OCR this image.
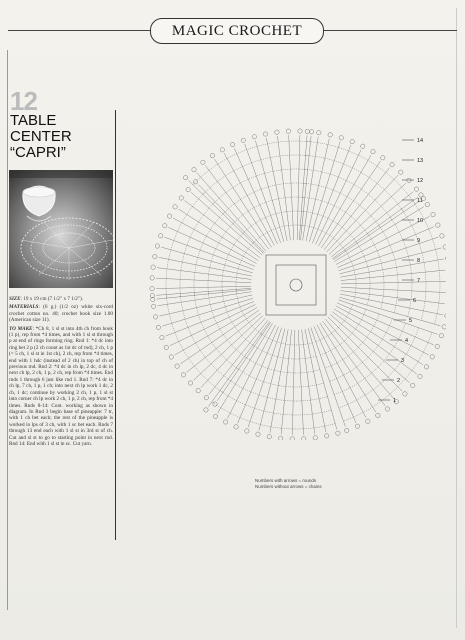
MAGIC CROCHET
12
TABLE
CENTER
“CAPRI”

SIZE: 19 x 19 cm (7 1/2" x 7 1/2").

MATERIALS: (6 g.) (1/2 oz) white six-cord crochet cotton no. 40; crochet hook size 1.00 (American size 11).

TO MAKE: *Ch 8, 1 sl st into 4th ch from hook (1 p), rep from *4 times, and with 1 sl st through p at end of rings forming ring. Rnd 1: *4 dc into ring bet 2 p (2 ch count as 1st dc of rnd), 2 ch, 1 p (= 5 ch, 1 sl st in 1st ch), 2 ch, rep from *4 times, end with 1 hdc (instead of 2 ch) in top of ch of previous rnd. Rnd 2: *4 dc in ch lp, 2 dc, 4 dc in next ch lp, 2 ch, 1 p, 2 ch, rep from *4 times. End rnds 1 through 6 just like rnd 1. Rnd 7: *4 dc in ch lp, 7 ch, 1 p, 1 ch; into next ch lp work 1 dc, 2 ch, 1 dc; continue by working 2 ch, 1 p, 1 sl st into corner ch lp work 2 ch, 1 p, 2 ch, rep from *4 times. Rnds 8-14: Cont. working as shown in diagram. In Rnd 3 begin base of pineapple: 7 tr, with 1 ch bet each; the rest of the pineapple is worked in lps of 3 ch, with 1 sc bet each. Rnds 7 through 13 end each with 1 sl st in 3rd st of ch. Cut and sl st to go to starting point in next rnd. Rnd 14: End with 1 sl st in sc. Cut yarn.

1
2
3
4
5
6
7
8
9
10
11
12
13
14
Numbers with arrows = rounds
Numbers without arrows = chains
